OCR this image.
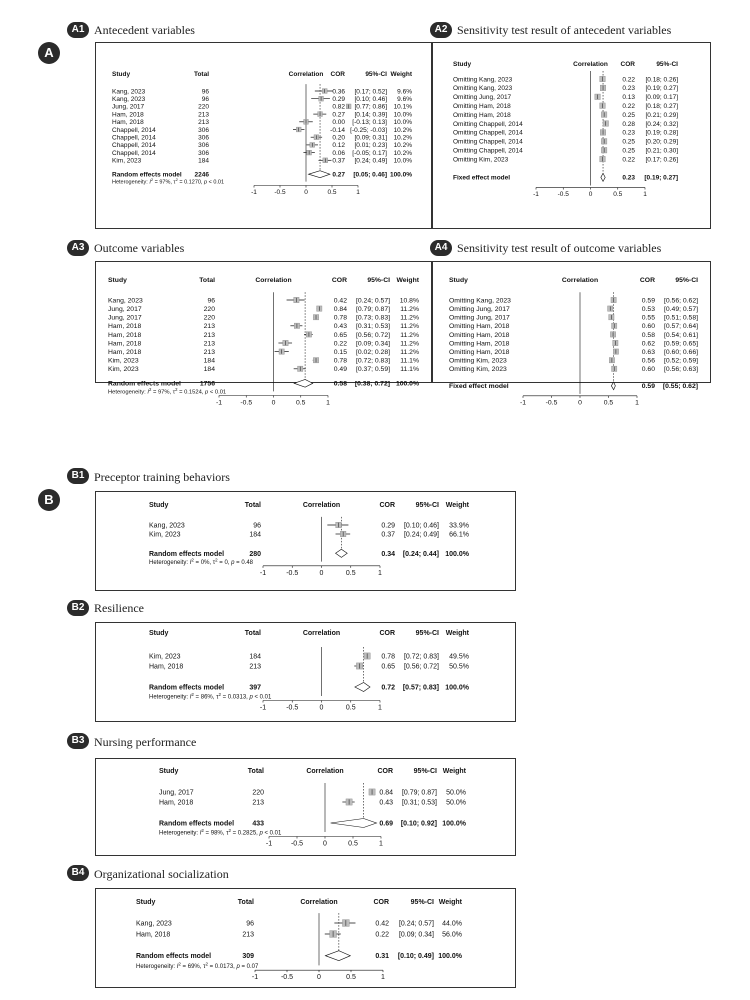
A
B
A1 Antecedent variables	A2 Sensitivity test result of antecedent variables
A3 Outcome variables	A4 Sensitivity test result of outcome variables
B1 Preceptor training behaviors
B2 Resilience
B3 Nursing performance
B4 Organizational socialization
Study	Total	Correlation COR	95%-CI Weight
Kang, 2023	96	0.36 [0.17; 0.52] 9.6%
Kang, 2023	96	0.29 [0.10; 0.46] 9.6%
Jung, 2017	220	0.82 [0.77; 0.86] 10.1%
Ham, 2018	213	0.27 [0.14; 0.39] 10.0%
Ham, 2018	213	0.00 [-0.13; 0.13] 10.0%
Chappell, 2014	306	-0.14 [-0.25; -0.03] 10.2%
Chappell, 2014	306	0.20 [0.09; 0.31] 10.2%
Chappell, 2014	306	0.12 [0.01; 0.23] 10.2%
Chappell, 2014	306	0.06 [-0.05; 0.17] 10.2%
Kim, 2023	184	0.37 [0.24; 0.49] 10.0%
Random effects model 2246	0.27 [0.05; 0.46] 100.0%
Heterogeneity: $I^2 = 97\%$, $\tau^2 = 0.1270$, p < 0.01
-1	-0.5	0	0.5	1
Study	Correlation COR	95%-CI
Omitting Kang, 2023	0.22 [0.18; 0.26]
Omitting Kang, 2023	0.23 [0.19; 0.27]
Omitting Jung, 2017	0.13 [0.09; 0.17]
Omitting Ham, 2018	0.22 [0.18; 0.27]
Omitting Ham, 2018	0.25 [0.21; 0.29]
Omitting Chappell, 2014	0.28 [0.24; 0.32]
Omitting Chappell, 2014	0.23 [0.19; 0.28]
Omitting Chappell, 2014	0.25 [0.20; 0.29]
Omitting Chappell, 2014	0.25 [0.21; 0.30]
Omitting Kim, 2023	0.22 [0.17; 0.26]
Fixed effect model	0.23 [0.19; 0.27]
-1	-0.5	0	0.5	1
Study	Total	Correlation	COR	95%-CI Weight
Kang, 2023	96	0.42 [0.24; 0.57] 10.8%
Jung, 2017	220	0.84 [0.79; 0.87] 11.2%
Jung, 2017	220	0.78 [0.73; 0.83] 11.2%
Ham, 2018	213	0.43 [0.31; 0.53] 11.2%
Ham, 2018	213	0.65 [0.56; 0.72] 11.2%
Ham, 2018	213	0.22 [0.09; 0.34] 11.2%
Ham, 2018	213	0.15 [0.02; 0.28] 11.2%
Kim, 2023	184	0.78 [0.72; 0.83] 11.1%
Kim, 2023	184	0.49 [0.37; 0.59] 11.1%
Random effects model	1756	0.58 [0.38; 0.72] 100.0%
Heterogeneity: $I^2 = 97\%$, $\tau^2 = 0.1524$, p < 0.01
-1	-0.5	0	0.5	1
Study	Correlation	COR	95%-CI
Omitting Kang, 2023	0.59 [0.56; 0.62]
Omitting Jung, 2017	0.53 [0.49; 0.57]
Omitting Jung, 2017	0.55 [0.51; 0.58]
Omitting Ham, 2018	0.60 [0.57; 0.64]
Omitting Ham, 2018	0.58 [0.54; 0.61]
Omitting Ham, 2018	0.62 [0.59; 0.65]
Omitting Ham, 2018	0.63 [0.60; 0.66]
Omitting Kim, 2023	0.56 [0.52; 0.59]
Omitting Kim, 2023	0.60 [0.56; 0.63]
Fixed effect model	0.59 [0.55; 0.62]
-1	-0.5	0	0.5	1
Study	Total	Correlation	COR	95%-CI Weight
Kang, 2023	96	0.29 [0.10; 0.46] 33.9%
Kim, 2023	184	0.37 [0.24; 0.49] 66.1%
Random effects model	280	0.34 [0.24; 0.44] 100.0%
Heterogeneity: $I^2 = 0\%$, $\tau^2 = 0$, p = 0.48
-1	-0.5	0	0.5	1
Study	Total	Correlation	COR	95%-CI Weight
Kim, 2023	184	0.78 [0.72; 0.83] 49.5%
Ham, 2018	213	0.65 [0.56; 0.72] 50.5%
Random effects model	397	0.72 [0.57; 0.83] 100.0%
Heterogeneity: $I^2 = 86\%$, $\tau^2 = 0.0313$, p < 0.01
-1	-0.5	0	0.5	1
Study	Total	Correlation	COR	95%-CI Weight
Jung, 2017	220	0.84 [0.79; 0.87] 50.0%
Ham, 2018	213	0.43 [0.31; 0.53] 50.0%
Random effects model	433	0.69 [0.10; 0.92] 100.0%
Heterogeneity: $I^2 = 98\%$, $\tau^2 = 0.2825$, p < 0.01
-1	-0.5	0	0.5	1
Study	Total	Correlation	COR	95%-CI Weight
Kang, 2023	96	0.42 [0.24; 0.57] 44.0%
Ham, 2018	213	0.22 [0.09; 0.34] 56.0%
Random effects model	309	0.31 [0.10; 0.49] 100.0%
Heterogeneity: $I^2 = 69\%$, $\tau^2 = 0.0173$, p = 0.07
-1	-0.5	0	0.5	1
